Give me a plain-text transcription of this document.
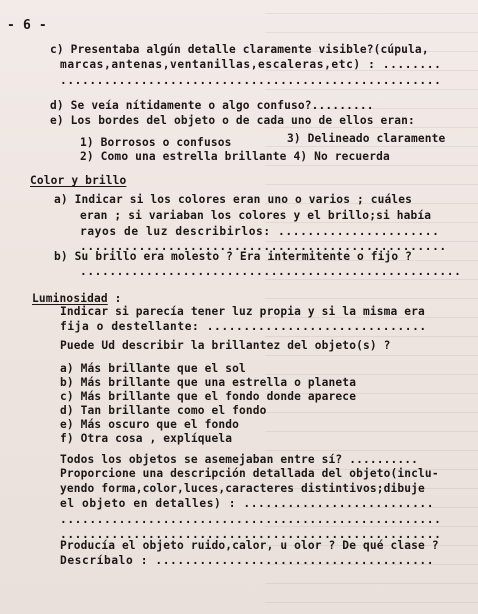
- 6 -
c) Presentaba algún detalle claramente visible?(cúpula,
marcas,antenas,ventanillas,escaleras,etc) : ........
....................................................
d) Se veía nítidamente o algo confuso?.........
e) Los bordes del objeto o de cada uno de ellos eran:
1) Borrosos o confusos	3) Delineado claramente
2) Como una estrella brillante 4) No recuerda
Color y brillo
a) Indicar si los colores eran uno o varios ; cuáles
eran ; si variaban los colores y el brillo;si había
rayos de luz describirlos: ......................
..................................................
b) Su brillo era molesto ? Era intermitente o fijo ?
....................................................
Luminosidad :
Indicar si parecía tener luz propia y si la misma era
fija o destellante: ..............................
Puede Ud describir la brillantez del objeto(s) ?
a) Más brillante que el sol
b) Más brillante que una estrella o planeta
c) Más brillante que el fondo donde aparece
d) Tan brillante como el fondo
e) Más oscuro que el fondo
f) Otra cosa , explíquela
Todos los objetos se asemejaban entre sí? ..........
Proporcione una descripción detallada del objeto(inclu-
yendo forma,color,luces,caracteres distintivos;dibuje
el objeto en detalles) : ..........................
....................................................
....................................................
Producía el objeto ruido,calor, u olor ? De qué clase ?
Descríbalo : ......................................
